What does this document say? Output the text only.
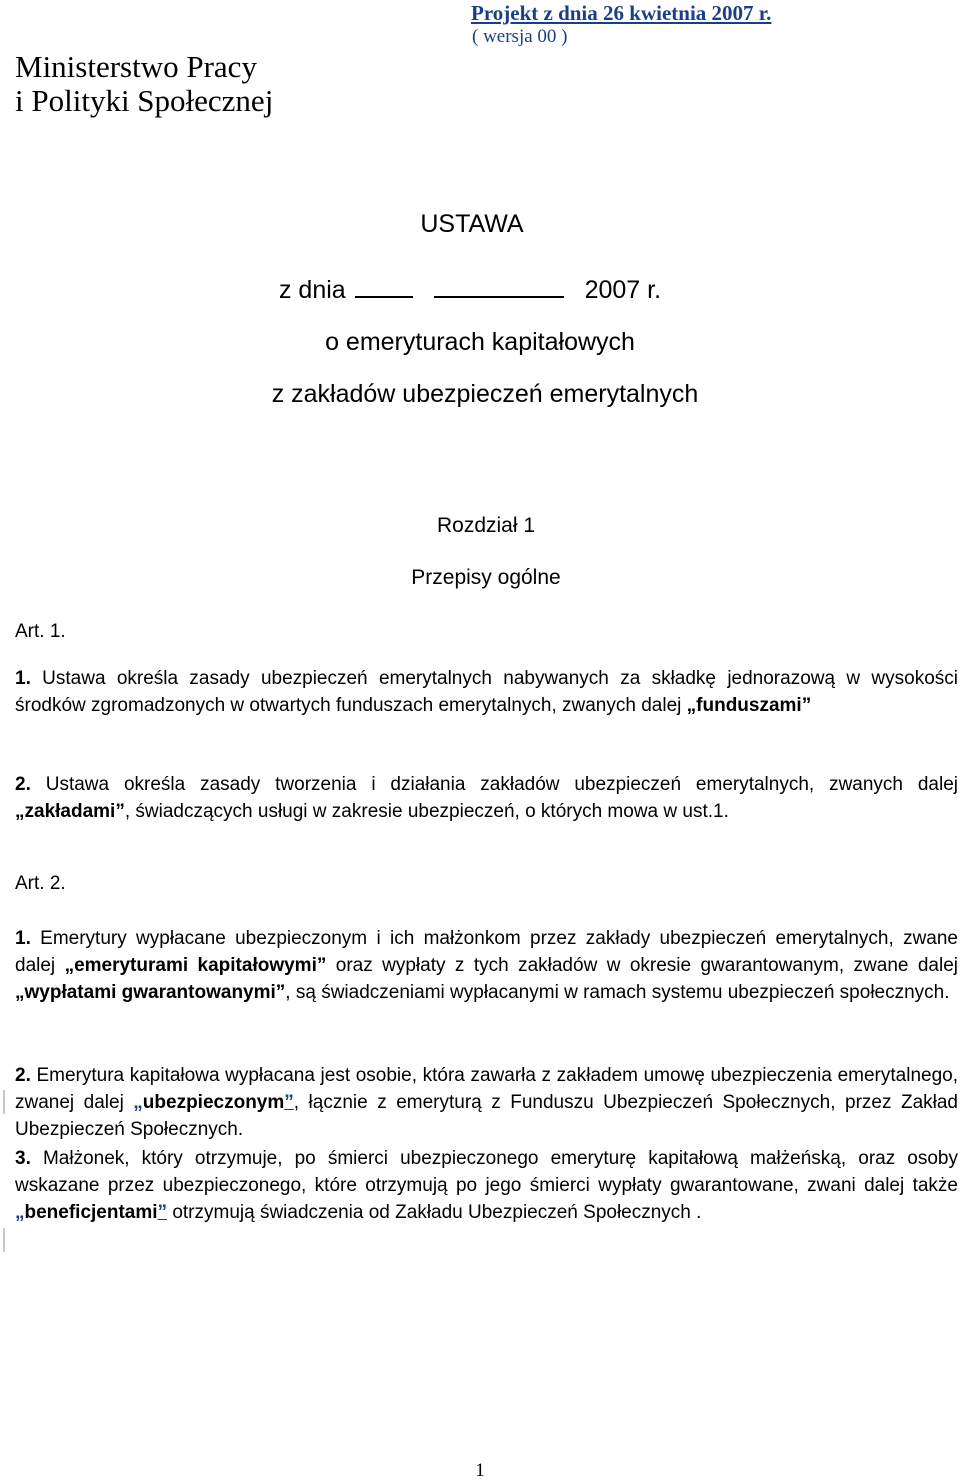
Ministerstwo Pracy
i Polityki Społecznej
Projekt z dnia 26 kwietnia 2007 r.
( wersja 00 )
USTAWA
z dnia	2007 r.
o emeryturach kapitałowych
z zakładów ubezpieczeń emerytalnych
Rozdział 1
Przepisy ogólne
Art. 1.
1. Ustawa określa zasady ubezpieczeń emerytalnych nabywanych za składkę jednorazową w wysokości środków zgromadzonych w otwartych funduszach emerytalnych, zwanych dalej „funduszami”
2. Ustawa określa zasady tworzenia i działania zakładów ubezpieczeń emerytalnych, zwanych dalej „zakładami”, świadczących usługi w zakresie ubezpieczeń, o których mowa w ust.1.
Art. 2.
1. Emerytury wypłacane ubezpieczonym i ich małżonkom przez zakłady ubezpieczeń emerytalnych, zwane dalej „emeryturami kapitałowymi” oraz wypłaty z tych zakładów w okresie gwarantowanym, zwane dalej „wypłatami gwarantowanymi”, są świadczeniami wypłacanymi w ramach systemu ubezpieczeń społecznych.
2. Emerytura kapitałowa wypłacana jest osobie, która zawarła z zakładem umowę ubezpieczenia emerytalnego, zwanej dalej „ubezpieczonym”, łącznie z emeryturą z Funduszu Ubezpieczeń Społecznych, przez Zakład Ubezpieczeń Społecznych.
3. Małżonek, który otrzymuje, po śmierci ubezpieczonego emeryturę kapitałową małżeńską, oraz osoby wskazane przez ubezpieczonego, które otrzymują po jego śmierci wypłaty gwarantowane, zwani dalej także „beneficjentami” otrzymują świadczenia od Zakładu Ubezpieczeń Społecznych .
1
